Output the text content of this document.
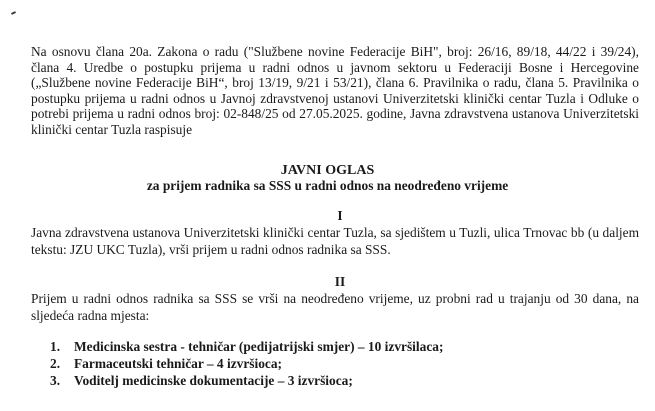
Na osnovu člana 20a. Zakona o radu ("Službene novine Federacije BiH", broj: 26/16, 89/18, 44/22 i 39/24), člana 4. Uredbe o postupku prijema u radni odnos u javnom sektoru u Federaciji Bosne i Hercegovine („Službene novine Federacije BiH“, broj 13/19, 9/21 i 53/21), člana 6. Pravilnika o radu, člana 5. Pravilnika o postupku prijema u radni odnos u Javnoj zdravstvenoj ustanovi Univerzitetski klinički centar Tuzla i Odluke o potrebi prijema u radni odnos broj: 02-848/25 od 27.05.2025. godine, Javna zdravstvena ustanova Univerzitetski klinički centar Tuzla raspisuje

JAVNI OGLAS
za prijem radnika sa SSS u radni odnos na neodređeno vrijeme
I

Javna zdravstvena ustanova Univerzitetski klinički centar Tuzla, sa sjedištem u Tuzli, ulica Trnovac bb (u daljem tekstu: JZU UKC Tuzla), vrši prijem u radni odnos radnika sa SSS.

II

Prijem u radni odnos radnika sa SSS se vrši na neodređeno vrijeme, uz probni rad u trajanju od 30 dana, na sljedeća radna mjesta:

1.	Medicinska sestra - tehničar (pedijatrijski smjer) – 10 izvršilaca;
2.	Farmaceutski tehničar – 4 izvršioca;
3.	Voditelj medicinske dokumentacije – 3 izvršioca;
